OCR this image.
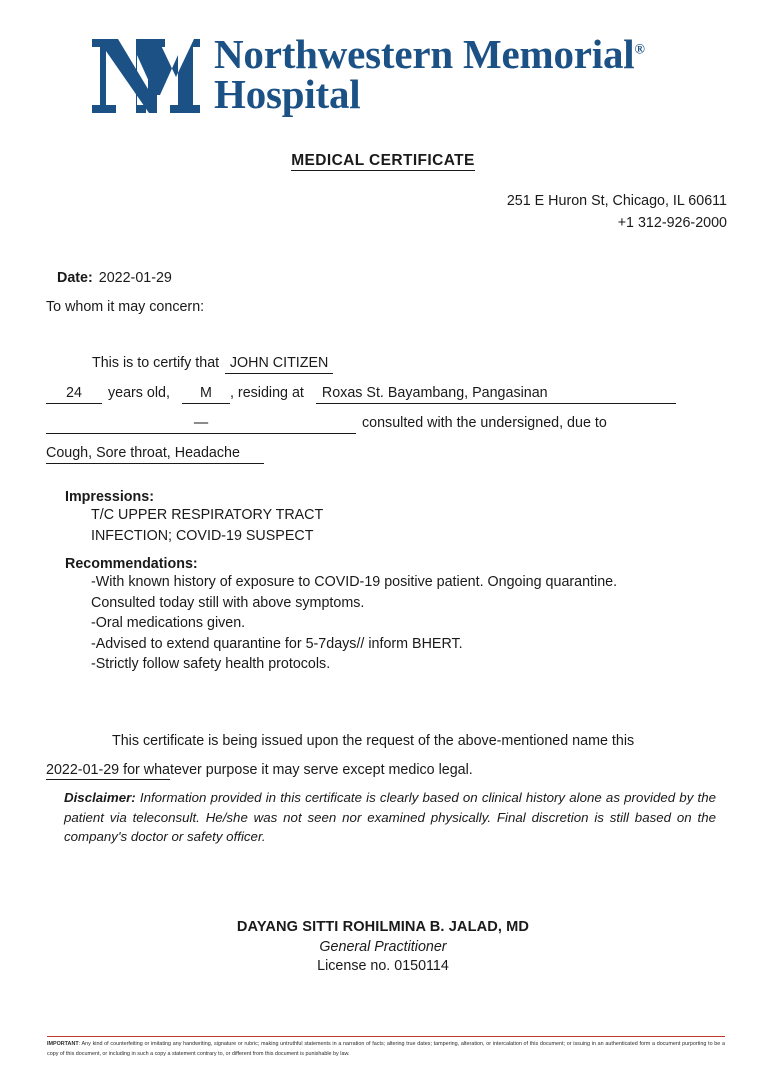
Northwestern Memorial®
Hospital
MEDICAL CERTIFICATE
251 E Huron St, Chicago, IL 60611
+1 312-926-2000
Date: 2022-01-29
To whom it may concern:
This is to certify that JOHN CITIZEN
24 years old, M , residing at Roxas St. Bayambang, Pangasinan
—	consulted with the undersigned, due to
Cough, Sore throat, Headache
Impressions:
T/C UPPER RESPIRATORY TRACT
INFECTION; COVID-19 SUSPECT
Recommendations:
-With known history of exposure to COVID-19 positive patient. Ongoing quarantine.
Consulted today still with above symptoms.
-Oral medications given.
-Advised to extend quarantine for 5-7days// inform BHERT.
-Strictly follow safety health protocols.
This certificate is being issued upon the request of the above-mentioned name this
2022-01-29 for whatever purpose it may serve except medico legal.
Disclaimer: Information provided in this certificate is clearly based on clinical history alone as provided by the patient via teleconsult. He/she was not seen nor examined physically. Final discretion is still based on the company's doctor or safety officer.
DAYANG SITTI ROHILMINA B. JALAD, MD
General Practitioner
License no. 0150114
IMPORTANT: Any kind of counterfeiting or imitating any handwriting, signature or rubric; making untruthful statements in a narration of facts; altering true dates; tampering, alteration, or intercalation of this document; or issuing in an authenticated form a document purporting to be a copy of this document, or including in such a copy a statement contrary to, or different from this document is punishable by law.
